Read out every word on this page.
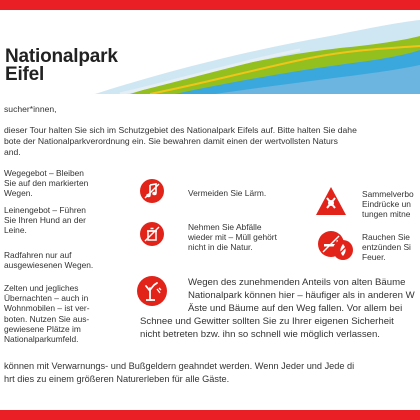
Nationalpark
Eifel
sucher*innen,
dieser Tour halten Sie sich im Schutzgebiet des Nationalpark Eifels auf. Bitte halten Sie dahe
bote der Nationalparkverordnung ein. Sie bewahren damit einen der wertvollsten Naturs
and.
Wegegebot – Bleiben
Sie auf den markierten
Wegen.
Leinengebot – Führen
Sie Ihren Hund an der
Leine.
Radfahren nur auf
ausgewiesenen Wegen.
Zelten und jegliches
Übernachten – auch in
Wohnmobilen – ist ver-
boten. Nutzen Sie aus-
gewiesene Plätze im
Nationalparkumfeld.
Vermeiden Sie Lärm.
Nehmen Sie Abfälle
wieder mit – Müll gehört
nicht in die Natur.
Sammelverbo
Eindrücke un
tungen mitne
Rauchen Sie
entzünden Si
Feuer.
Wegen des zunehmenden Anteils von alten Bäume
Nationalpark können hier – häufiger als in anderen W
Äste und Bäume auf den Weg fallen. Vor allem bei
Schnee und Gewitter sollten Sie zu Ihrer eigenen Sicherheit
nicht betreten bzw. ihn so schnell wie möglich verlassen.
können mit Verwarnungs- und Bußgeldern geahndet werden. Wenn Jeder und Jede di
hrt dies zu einem größeren Naturerleben für alle Gäste.
